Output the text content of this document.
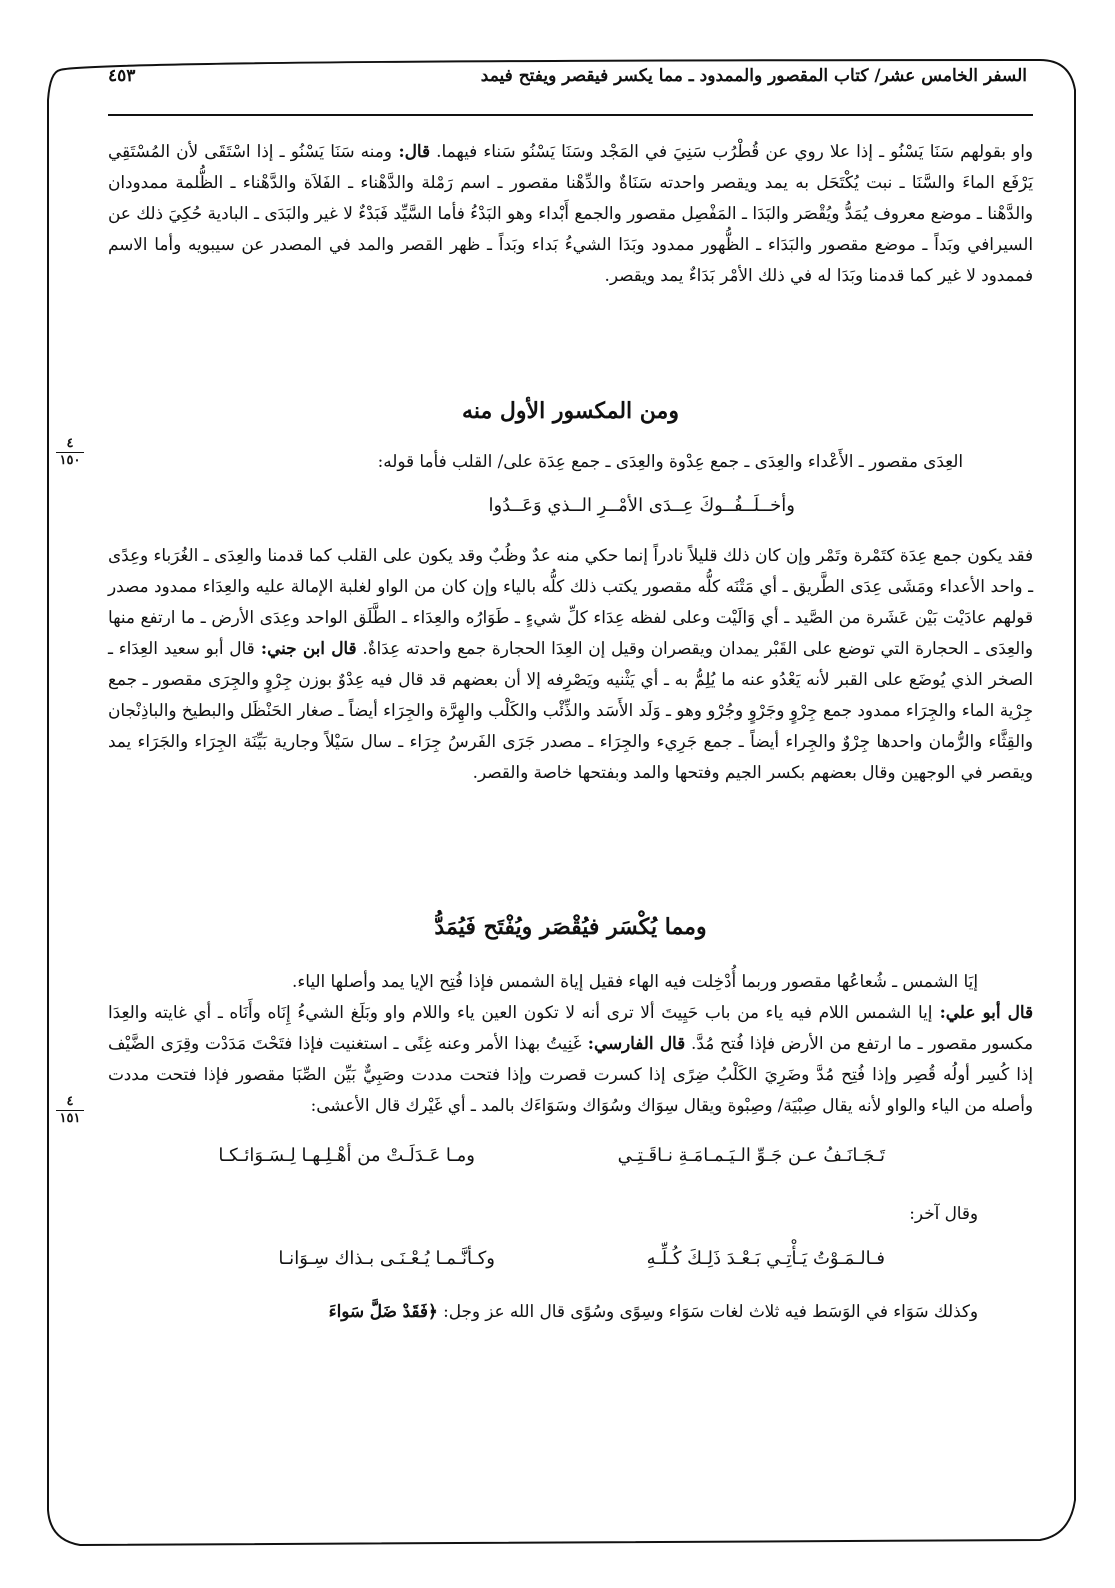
السفر الخامس عشر/ كتاب المقصور والممدود ـ مما يكسر فيقصر ويفتح فيمد
٤٥٣

واو بقولهم سَنَا يَسْنُو ـ إذا علا روي عن قُطْرُب سَنِيَ في المَجْد وسَنَا يَسْنُو سَناء فيهما. قال: ومنه سَنَا يَسْنُو ـ إذا اسْتَقَى لأن المُسْتَقِي يَرْفَع الماءَ والسَّنَا ـ نبت يُكْتَحَل به يمد ويقصر واحدته سَنَاةٌ والدِّهْنا مقصور ـ اسم رَمْلة والدَّهْناء ـ الفَلاَة والدَّهْناء ـ الظُّلمة ممدودان والدَّهْنا ـ موضع معروف يُمَدُّ ويُقْصَر والبَدَا ـ المَفْصِل مقصور والجمع أَبْداء وهو البَدْءُ فأما السَّيِّد فَبَدْءٌ لا غير والبَدَى ـ البادية حُكِيَ ذلك عن السيرافي وبَداً ـ موضع مقصور والبَدَاء ـ الظُّهور ممدود وبَدَا الشيءُ بَداء وبَداً ـ ظهر القصر والمد في المصدر عن سيبويه وأما الاسم فممدود لا غير كما قدمنا وبَدَا له في ذلك الأمْر بَدَاءٌ يمد ويقصر.

ومن المكسور الأول منه

العِدَى مقصور ـ الأَعْداء والعِدَى ـ جمع عِدْوة والعِدَى ـ جمع عِدَة على/ القلب فأما قوله:

٤
١٥٠
وأخــلَــفُــوكَ عِــدَى الأمْــرِ الــذي وَعَــدُوا

فقد يكون جمع عِدَة كتَمْرة وتَمْر وإن كان ذلك قليلاً نادراً إنما حكي منه عدٌ وظُبٌ وقد يكون على القلب كما قدمنا والعِدَى ـ الغُرَباء وعِدًى ـ واحد الأعداء ومَشَى عِدَى الطَّريق ـ أي مَتْنَه كلُّه مقصور يكتب ذلك كلُّه بالياء وإن كان من الواو لغلبة الإمالة عليه والعِدَاء ممدود مصدر قولهم عادَيْت بَيْن عَشَرة من الصَّيد ـ أي وَالَيْت وعلى لفظه عِدَاء كلِّ شيءٍ ـ طَوَارُه والعِدَاء ـ الطَّلَق الواحد وعِدَى الأرض ـ ما ارتفع منها والعِدَى ـ الحجارة التي توضع على القَبْر يمدان ويقصران وقيل إن العِدَا الحجارة جمع واحدته عِدَاةٌ. قال ابن جني: قال أبو سعيد العِدَاء ـ الصخر الذي يُوضَع على القبر لأنه يَعْدُو عنه ما يُلِمُّ به ـ أي يَثْنيه ويَصْرِفه إلا أن بعضهم قد قال فيه عِدْوٌ بوزن جِرْوٍ والجِرَى مقصور ـ جمع جِرْية الماء والجِرَاء ممدود جمع جِرْوٍ وجَرْوٍ وجُرْو وهو ـ وَلَد الأَسَد والذِّئْب والكَلْب والهِرَّة والجِرَاء أيضاً ـ صغار الحَنْظَل والبطيخ والباذِنْجان والقِثَّاء والرُّمان واحدها جِرْوٌ والجِراء أيضاً ـ جمع جَرِيء والجِرَاء ـ مصدر جَرَى الفَرسُ جِرَاء ـ سال سَيْلاً وجارية بَيِّنَة الجِرَاء والجَرَاء يمد ويقصر في الوجهين وقال بعضهم بكسر الجيم وفتحها والمد وبفتحها خاصة والقصر.

ومما يُكْسَر فيُقْصَر ويُفْتَح فَيُمَدُّ

إيَا الشمس ـ شُعاعُها مقصور وربما أُدْخِلت فيه الهاء فقيل إياة الشمس فإذا فُتِح الإيا يمد وأصلها الياء.

قال أبو علي: إيا الشمس اللام فيه ياء من باب حَيِيتَ ألا ترى أنه لا تكون العين ياء واللام واو وبَلَغ الشيءُ إِنَاه وأَنَاه ـ أي غايته والعِدَا مكسور مقصور ـ ما ارتفع من الأرض فإذا فُتح مُدَّ. قال الفارسي: غَنِيتُ بهذا الأمر وعنه غِنًى ـ استغنيت فإذا فتَحْتَ مَدَدْت وقِرَى الضَّيْف إذا كُسِر أولُه قُصِر وإذا فُتِح مُدَّ وضَرِيَ الكَلْبُ ضِرًى إذا كسرت قصرت وإذا فتحت مددت وصَبِيٌّ بَيِّن الصِّبَا مقصور فإذا فتحت مددت وأصله من الياء والواو لأنه يقال صِبْيَة/ وصِبْوة ويقال سِوَاك وسُوَاك وسَوَاءَك بالمد ـ أي غَيْرك قال الأعشى:

٤
١٥١
تَـجَـانَـفُ عـن جَـوِّ الـيَـمـامَـةِ نـاقَـتِـي
ومـا عَـدَلَـتْ من أهْـلِـهـا لِـسَـوَائـكـا

وقال آخر:

فـالـمَـوْتُ يَـأْتِـي بَـعْـدَ ذَلِـكَ كُـلِّـهِ
وكـأنَّـمـا يُـعْـنَـى بـذاك سِـوَانـا

وكذلك سَوَاء في الوَسَط فيه ثلاث لغات سَوَاء وسِوًى وسُوًى قال الله عز وجل: ﴿فَقَدْ ضَلَّ سَواءَ
